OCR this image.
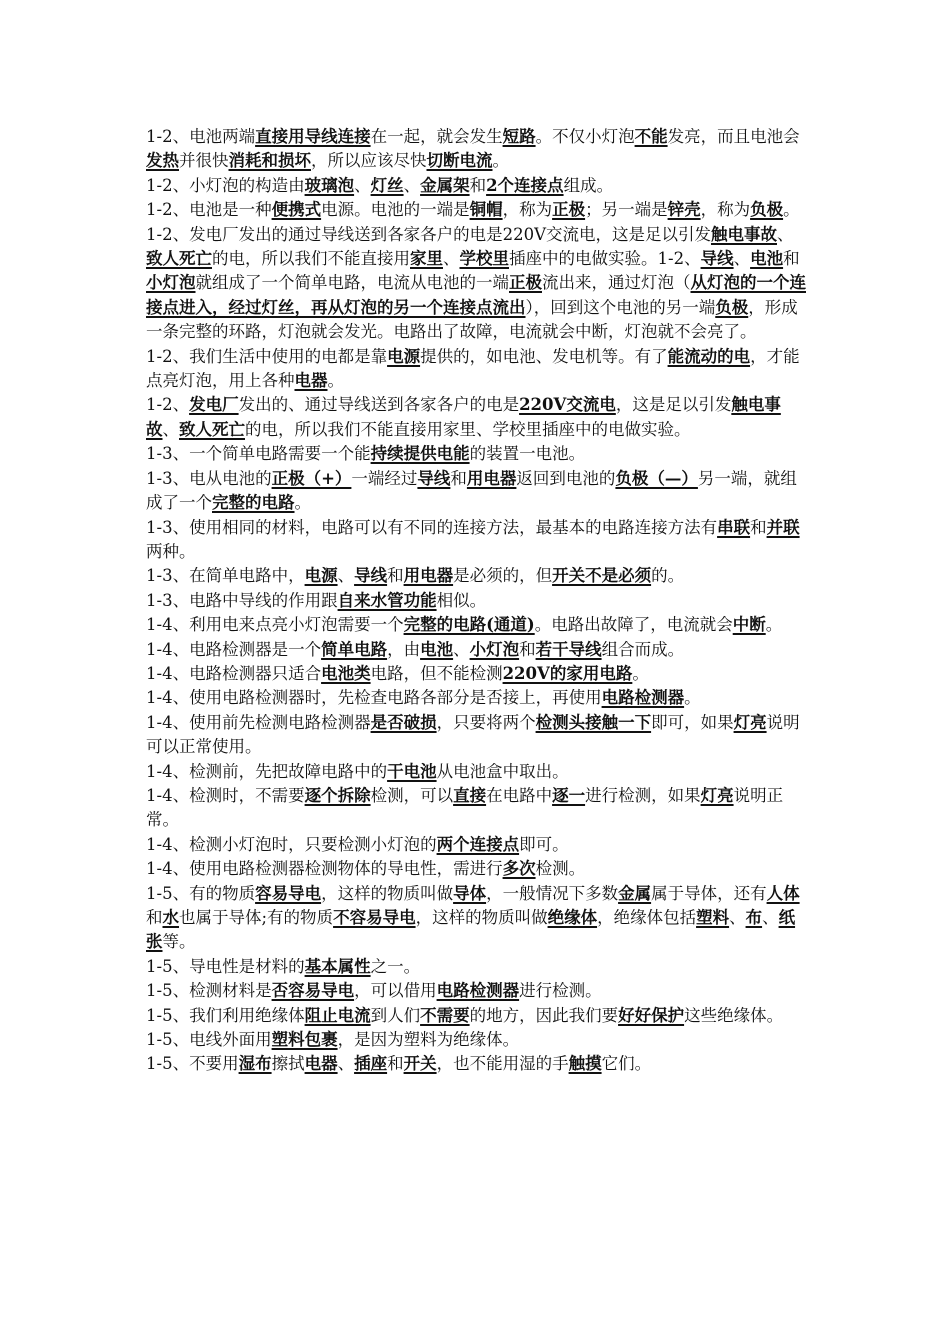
1-2、电池两端直接用导线连接在一起，就会发生短路。不仅小灯泡不能发亮，而且电池会发热并很快消耗和损坏，所以应该尽快切断电流。

1-2、小灯泡的构造由玻璃泡、灯丝、金属架和2个连接点组成。

1-2、电池是一种便携式电源。电池的一端是铜帽，称为正极；另一端是锌壳，称为负极。

1-2、发电厂发出的通过导线送到各家各户的电是220V交流电，这是足以引发触电事故、致人死亡的电，所以我们不能直接用家里、学校里插座中的电做实验。1-2、导线、电池和小灯泡就组成了一个简单电路，电流从电池的一端正极流出来，通过灯泡（从灯泡的一个连接点进入，经过灯丝，再从灯泡的另一个连接点流出），回到这个电池的另一端负极，形成一条完整的环路，灯泡就会发光。电路出了故障，电流就会中断，灯泡就不会亮了。

1-2、我们生活中使用的电都是靠电源提供的，如电池、发电机等。有了能流动的电，才能点亮灯泡，用上各种电器。

1-2、发电厂发出的、通过导线送到各家各户的电是220V交流电，这是足以引发触电事故、致人死亡的电，所以我们不能直接用家里、学校里插座中的电做实验。

1-3、一个简单电路需要一个能持续提供电能的装置一电池。

1-3、电从电池的正极（+）一端经过导线和用电器返回到电池的负极（—）另一端，就组成了一个完整的电路。

1-3、使用相同的材料，电路可以有不同的连接方法，最基本的电路连接方法有串联和并联两种。

1-3、在简单电路中，电源、导线和用电器是必须的，但开关不是必须的。

1-3、电路中导线的作用跟自来水管功能相似。

1-4、利用电来点亮小灯泡需要一个完整的电路(通道)。电路出故障了，电流就会中断。

1-4、电路检测器是一个简单电路，由电池、小灯泡和若干导线组合而成。

1-4、电路检测器只适合电池类电路，但不能检测220V的家用电路。

1-4、使用电路检测器时，先检查电路各部分是否接上，再使用电路检测器。

1-4、使用前先检测电路检测器是否破损，只要将两个检测头接触一下即可，如果灯亮说明可以正常使用。

1-4、检测前，先把故障电路中的干电池从电池盒中取出。

1-4、检测时，不需要逐个拆除检测，可以直接在电路中逐一进行检测，如果灯亮说明正常。

1-4、检测小灯泡时，只要检测小灯泡的两个连接点即可。

1-4、使用电路检测器检测物体的导电性，需进行多次检测。

1-5、有的物质容易导电，这样的物质叫做导体，一般情况下多数金属属于导体，还有人体和水也属于导体;有的物质不容易导电，这样的物质叫做绝缘体，绝缘体包括塑料、布、纸张等。

1-5、导电性是材料的基本属性之一。

1-5、检测材料是否容易导电，可以借用电路检测器进行检测。

1-5、我们利用绝缘体阻止电流到人们不需要的地方，因此我们要好好保护这些绝缘体。

1-5、电线外面用塑料包裹，是因为塑料为绝缘体。

1-5、不要用湿布擦拭电器、插座和开关，也不能用湿的手触摸它们。
